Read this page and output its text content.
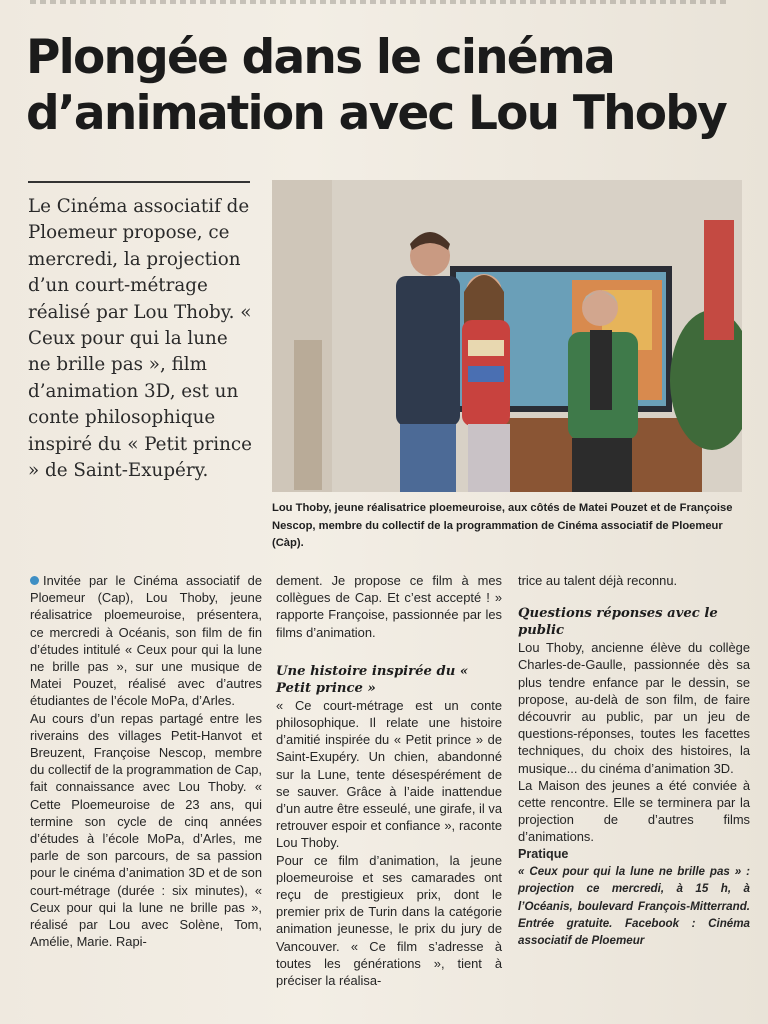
Plongée dans le cinéma
d’animation avec Lou Thoby

Le Cinéma associatif de Ploemeur propose, ce mercredi, la projection d’un court-métrage réalisé par Lou Thoby. « Ceux pour qui la lune ne brille pas », film d’animation 3D, est un conte philosophique inspiré du « Petit prince » de Saint-Exupéry.

Lou Thoby, jeune réalisatrice ploemeuroise, aux côtés de Matei Pouzet et de Françoise Nescop, membre du collectif de la programmation de Cinéma associatif de Ploemeur (Càp).

Invitée par le Cinéma associatif de Ploemeur (Cap), Lou Thoby, jeune réalisatrice ploemeuroise, présentera, ce mercredi à Océanis, son film de fin d’études intitulé « Ceux pour qui la lune ne brille pas », sur une musique de Matei Pouzet, réalisé avec d’autres étudiantes de l’école MoPa, d’Arles.

Au cours d’un repas partagé entre les riverains des villages Petit-Hanvot et Breuzent, Françoise Nescop, membre du collectif de la programmation de Cap, fait connaissance avec Lou Thoby. « Cette Ploemeuroise de 23 ans, qui termine son cycle de cinq années d’études à l’école MoPa, d’Arles, me parle de son parcours, de sa passion pour le cinéma d’animation 3D et de son court-métrage (durée : six minutes), « Ceux pour qui la lune ne brille pas », réalisé par Lou avec Solène, Tom, Amélie, Marie. Rapi-

dement. Je propose ce film à mes collègues de Cap. Et c’est accepté ! » rapporte Françoise, passionnée par les films d’animation.

Une histoire inspirée du « Petit prince »

« Ce court-métrage est un conte philosophique. Il relate une histoire d’amitié inspirée du « Petit prince » de Saint-Exupéry. Un chien, abandonné sur la Lune, tente désespérément de se sauver. Grâce à l’aide inattendue d’un autre être esseulé, une girafe, il va retrouver espoir et confiance », raconte Lou Thoby.

Pour ce film d’animation, la jeune ploemeuroise et ses camarades ont reçu de prestigieux prix, dont le premier prix de Turin dans la catégorie animation jeunesse, le prix du jury de Vancouver. « Ce film s’adresse à toutes les générations », tient à préciser la réalisa-

trice au talent déjà reconnu.

Questions réponses avec le public

Lou Thoby, ancienne élève du collège Charles-de-Gaulle, passionnée dès sa plus tendre enfance par le dessin, se propose, au-delà de son film, de faire découvrir au public, par un jeu de questions-réponses, toutes les facettes techniques, du choix des histoires, la musique... du cinéma d’animation 3D.

La Maison des jeunes a été conviée à cette rencontre. Elle se terminera par la projection de d’autres films d’animations.

Pratique

« Ceux pour qui la lune ne brille pas » : projection ce mercredi, à 15 h, à l’Océanis, boulevard François-Mitterrand. Entrée gratuite. Facebook : Cinéma associatif de Ploemeur
